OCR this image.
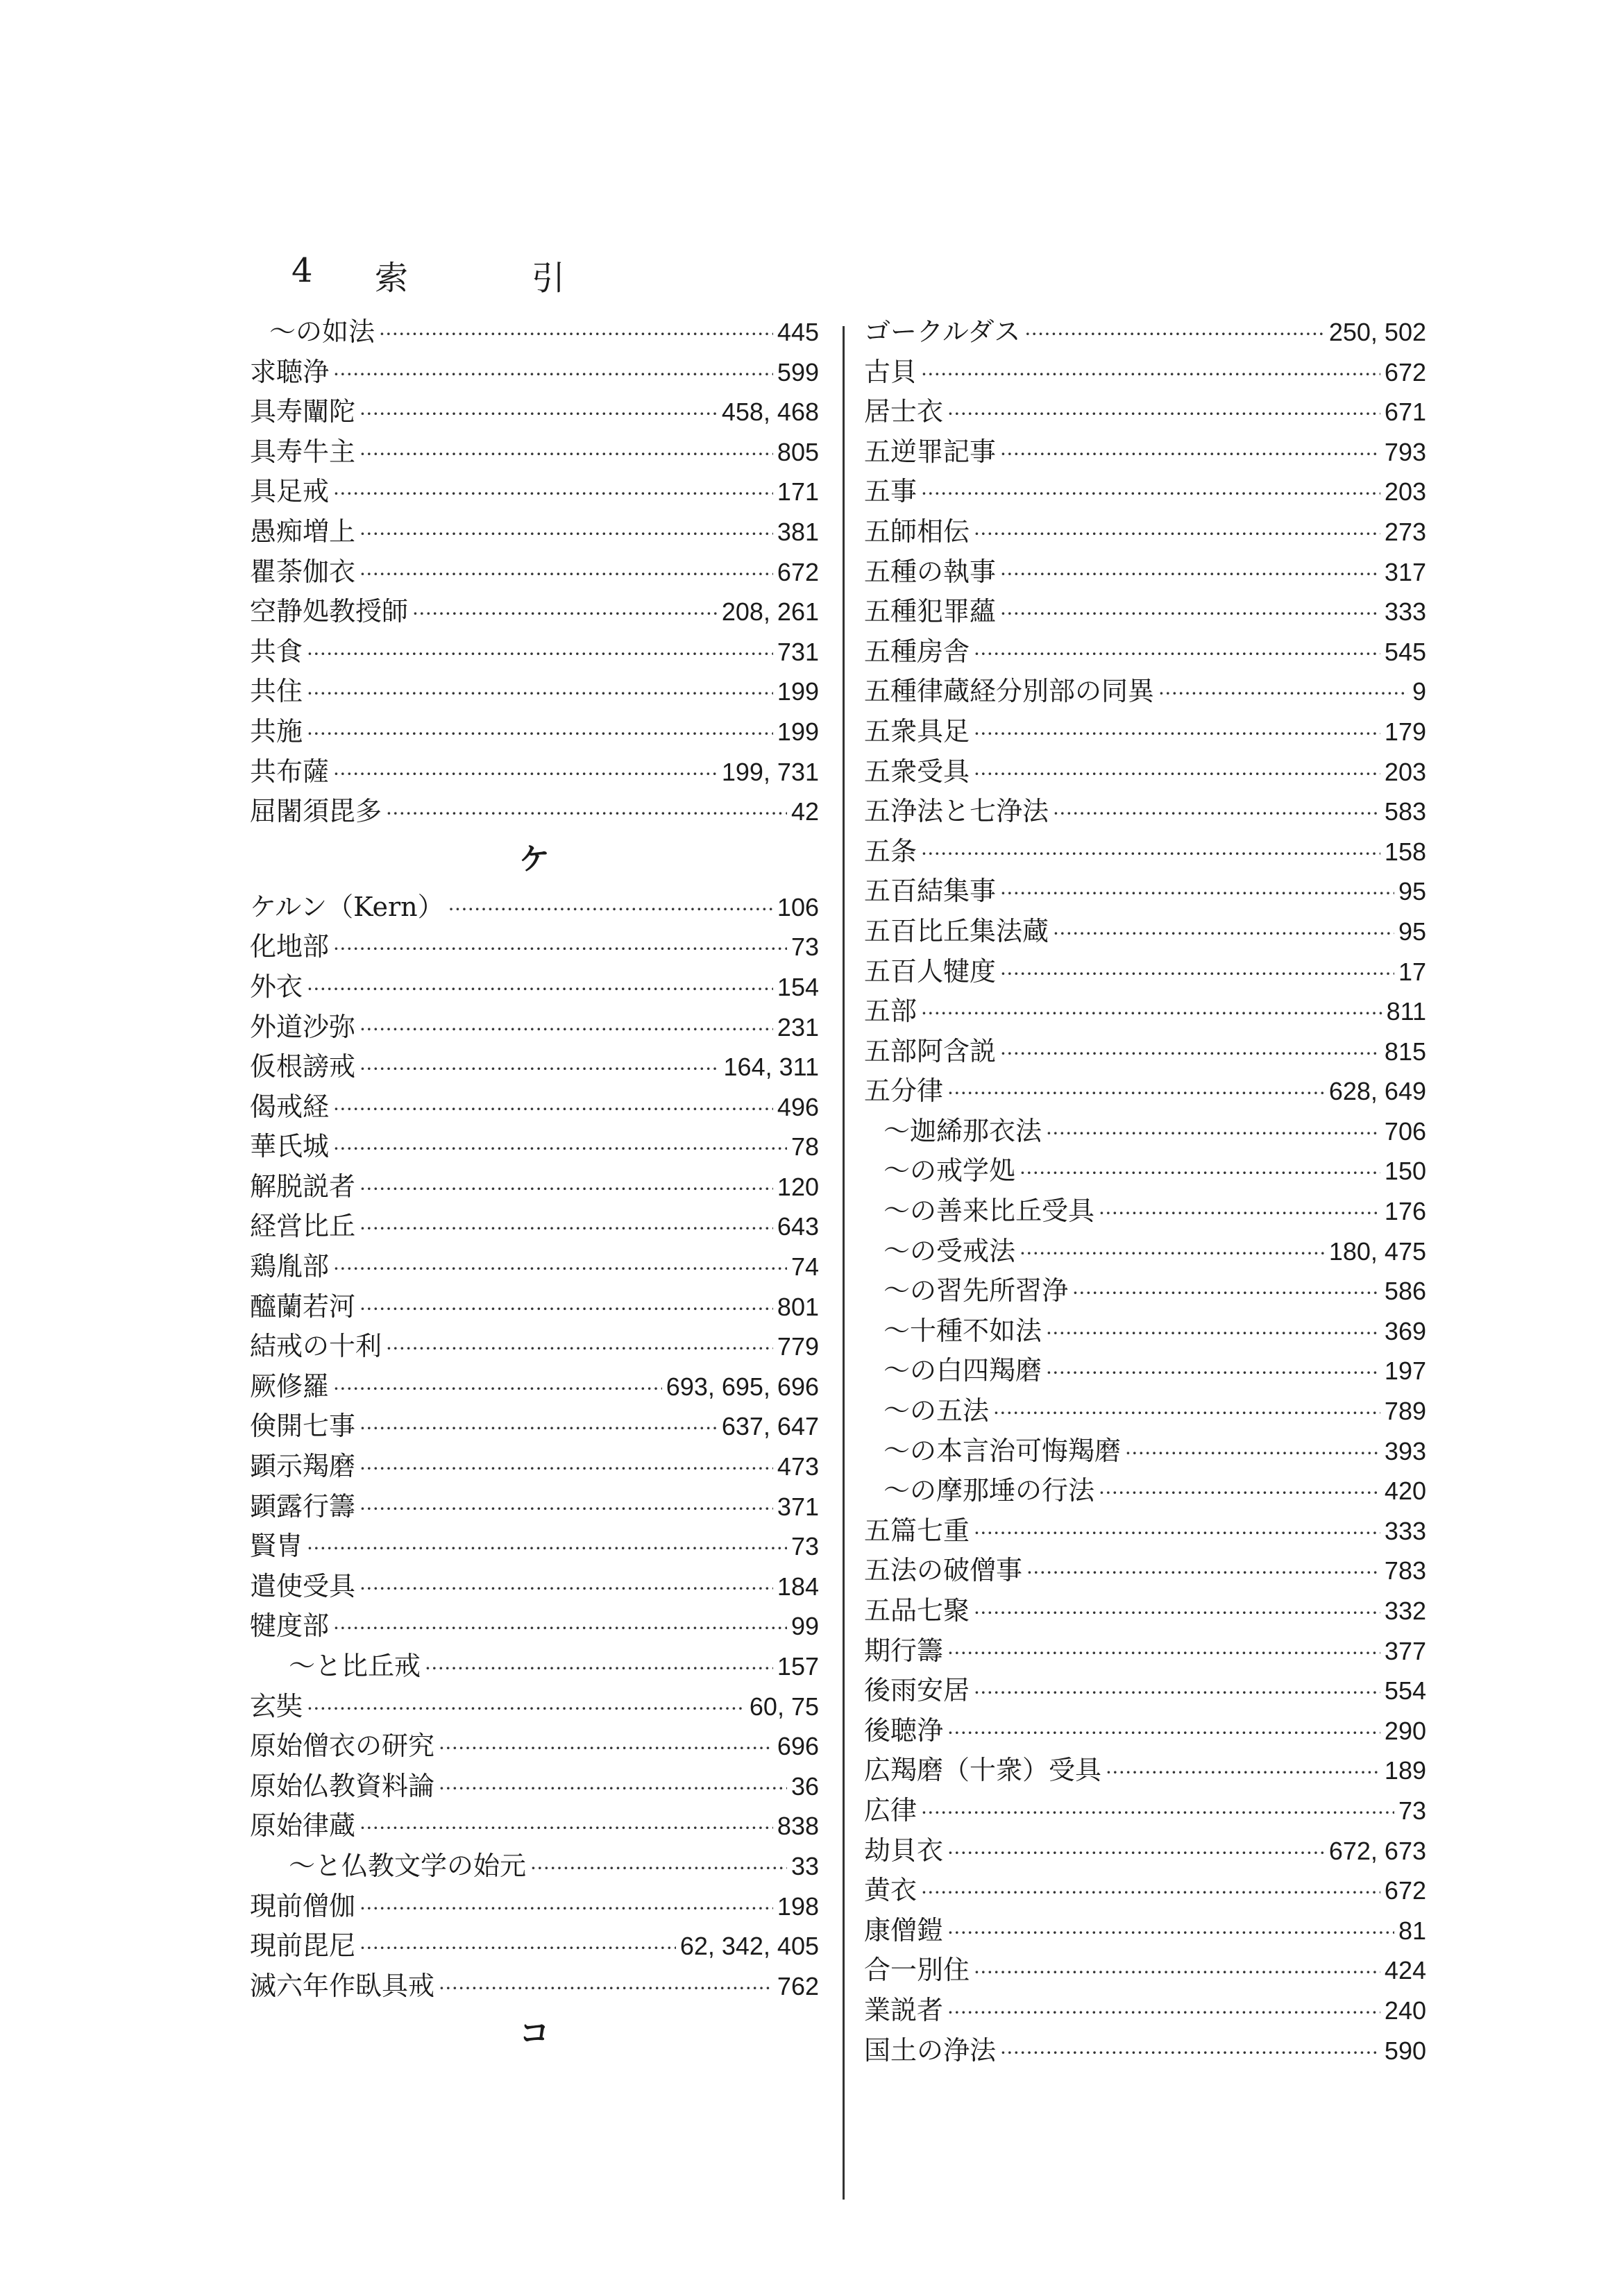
4 索	引
～の如法 ·····	445
求聴浄 ·····	599
具寿闡陀 ·····	458, 468
具寿牛主 ·····	805
具足戒 ·····	171
愚痴増上 ·····	381
瞿荼伽衣 ·····	672
空静処教授師 ·····	208, 261
共食 ·····	731
共住 ·····	199
共施 ·····	199
共布薩 ·····	199, 731
屈闍須毘多 ·····	42
ケ
ケルン（Kern） ·····	106
化地部 ·····	73
外衣 ·····	154
外道沙弥 ·····	231
仮根謗戒 ·····	164, 311
偈戒経 ·····	496
華氏城 ·····	78
解脱説者 ·····	120
経営比丘 ·····	643
鶏胤部 ·····	74
醯蘭若河 ·····	801
結戒の十利 ·····	779
厥修羅 ·····	693, 695, 696
倹開七事 ·····	637, 647
顕示羯磨 ·····	473
顕露行籌 ·····	371
賢冑 ·····	73
遣使受具 ·····	184
犍度部 ·····	99
～と比丘戒 ·····	157
玄奘 ·····	60, 75
原始僧衣の研究 ·····	696
原始仏教資料論 ·····	36
原始律蔵 ·····	838
～と仏教文学の始元 ·····	33
現前僧伽 ·····	198
現前毘尼 ·····	62, 342, 405
滅六年作臥具戒 ·····	762
コ
ゴークルダス ·····	250, 502
古貝 ·····	672
居士衣 ·····	671
五逆罪記事 ·····	793
五事 ·····	203
五師相伝 ·····	273
五種の執事 ·····	317
五種犯罪蘊 ·····	333
五種房舎 ·····	545
五種律蔵経分別部の同異 ·····	9
五衆具足 ·····	179
五衆受具 ·····	203
五浄法と七浄法 ·····	583
五条 ·····	158
五百結集事 ·····	95
五百比丘集法蔵 ·····	95
五百人犍度 ·····	17
五部 ·····	811
五部阿含説 ·····	815
五分律 ·····	628, 649
～迦絺那衣法 ·····	706
～の戒学処 ·····	150
～の善来比丘受具 ·····	176
～の受戒法 ·····	180, 475
～の習先所習浄 ·····	586
～十種不如法 ·····	369
～の白四羯磨 ·····	197
～の五法 ·····	789
～の本言治可悔羯磨 ·····	393
～の摩那埵の行法 ·····	420
五篇七重 ·····	333
五法の破僧事 ·····	783
五品七聚 ·····	332
期行籌 ·····	377
後雨安居 ·····	554
後聴浄 ·····	290
広羯磨（十衆）受具 ·····	189
広律 ·····	73
劫貝衣 ·····	672, 673
黄衣 ·····	672
康僧鎧 ·····	81
合一別住 ·····	424
業説者 ·····	240
国土の浄法 ·····	590
